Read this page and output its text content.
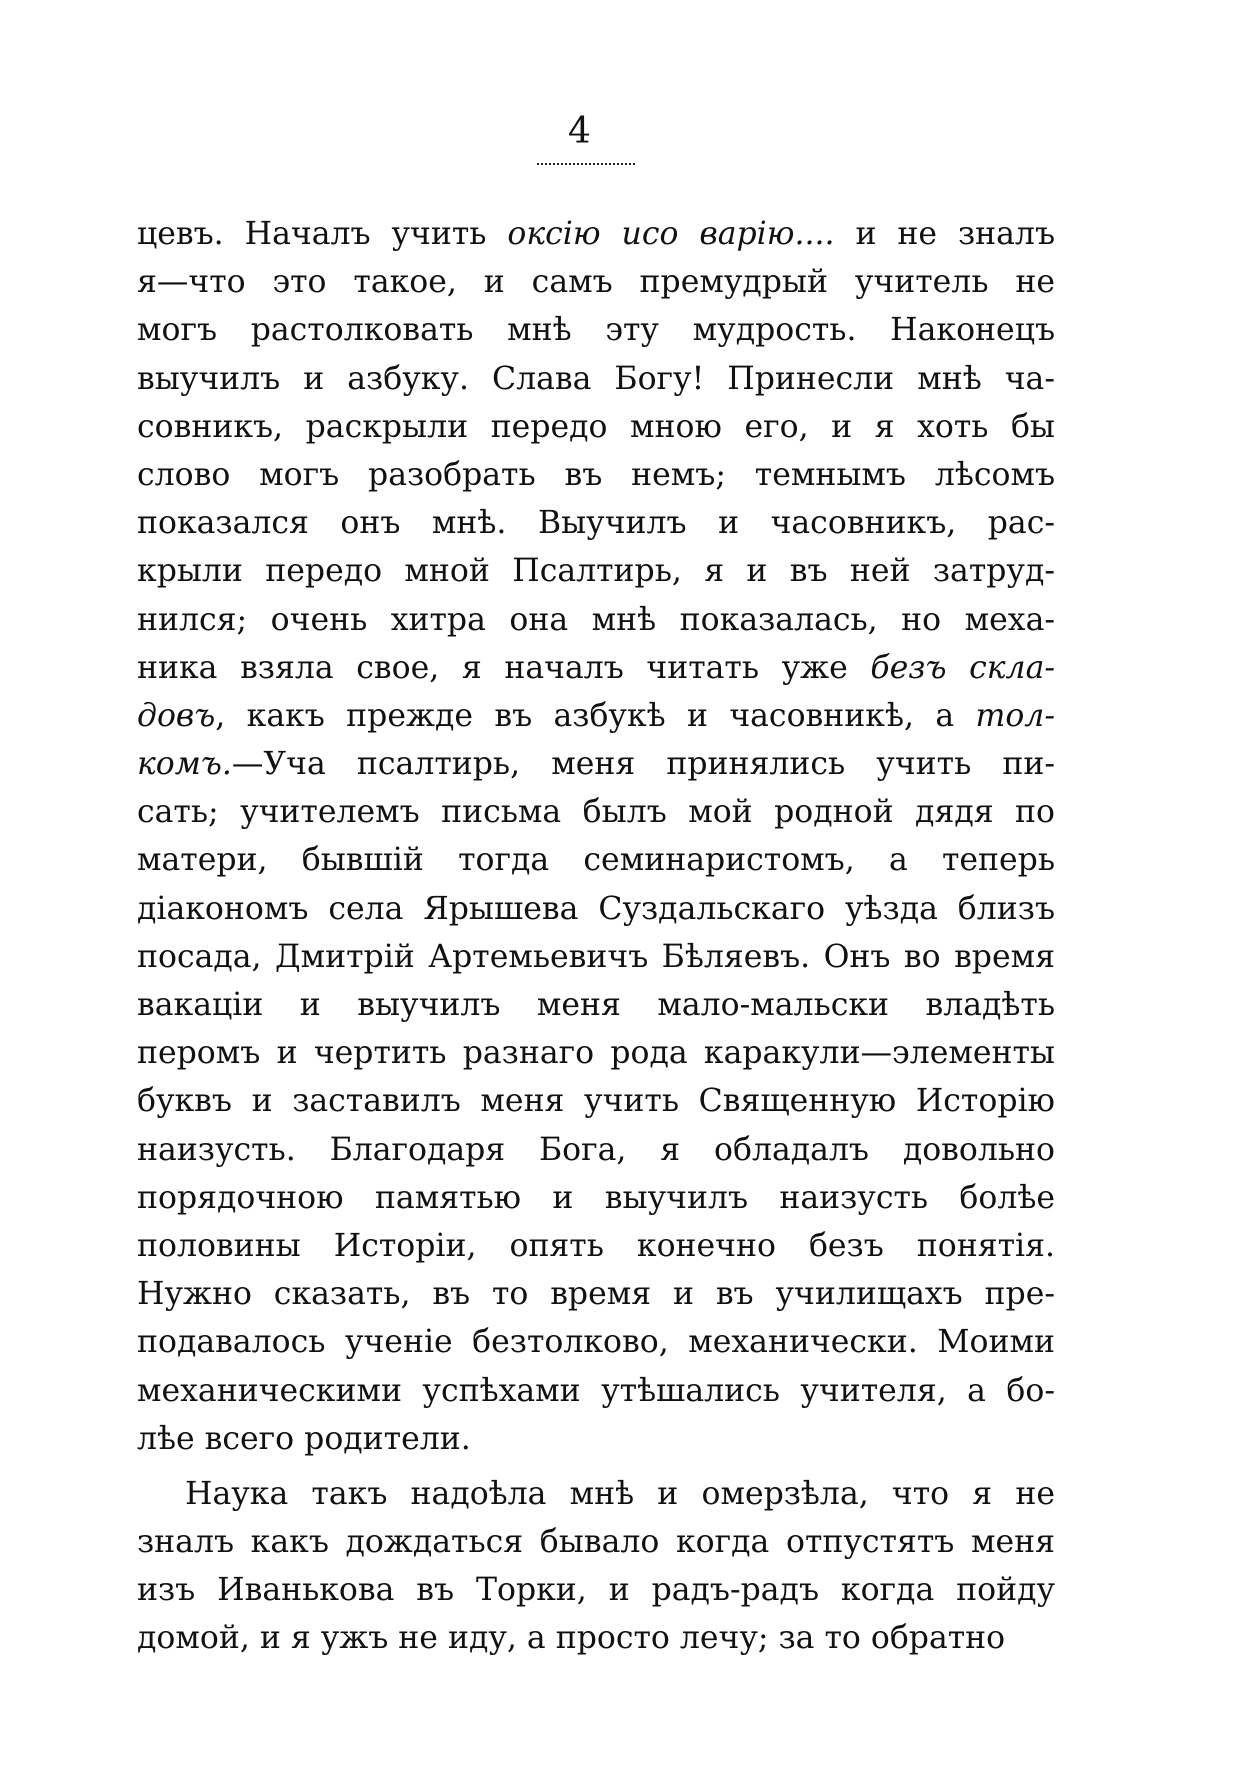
4
цевъ. Началъ учить оксiю исо варiю.... и не зналъ
я—что это такое, и самъ премудрый учитель не
могъ растолковать мнѣ эту мудрость. Наконецъ
выучилъ и азбуку. Слава Богу! Принесли мнѣ ча-
совникъ, раскрыли передо мною его, и я хоть бы
слово могъ разобрать въ немъ; темнымъ лѣсомъ
показался онъ мнѣ. Выучилъ и часовникъ, рас-
крыли передо мной Псалтирь, я и въ ней затруд-
нился; очень хитра она мнѣ показалась, но меха-
ника взяла свое, я началъ читать уже безъ скла-
довъ, какъ прежде въ азбукѣ и часовникѣ, а тол-
комъ.—Уча псалтирь, меня принялись учить пи-
сать; учителемъ письма былъ мой родной дядя по
матери, бывшiй тогда семинаристомъ, а теперь
дiакономъ села Ярышева Суздальскаго уѣзда близъ
посада, Дмитрiй Артемьевичъ Бѣляевъ. Онъ во время
вакацiи и выучилъ меня мало-мальски владѣть
перомъ и чертить разнаго рода каракули—элементы
буквъ и заставилъ меня учить Священную Исторiю
наизусть. Благодаря Бога, я обладалъ довольно
порядочною памятью и выучилъ наизусть болѣе
половины Исторiи, опять конечно безъ понятiя.
Нужно сказать, въ то время и въ училищахъ пре-
подавалось ученiе безтолково, механически. Моими
механическими успѣхами утѣшались учителя, а бо-
лѣе всего родители.
Наука такъ надоѣла мнѣ и омерзѣла, что я не
зналъ какъ дождаться бывало когда отпустятъ меня
изъ Иванькова въ Торки, и радъ-радъ когда пойду
домой, и я ужъ не иду, а просто лечу; за то обратно
